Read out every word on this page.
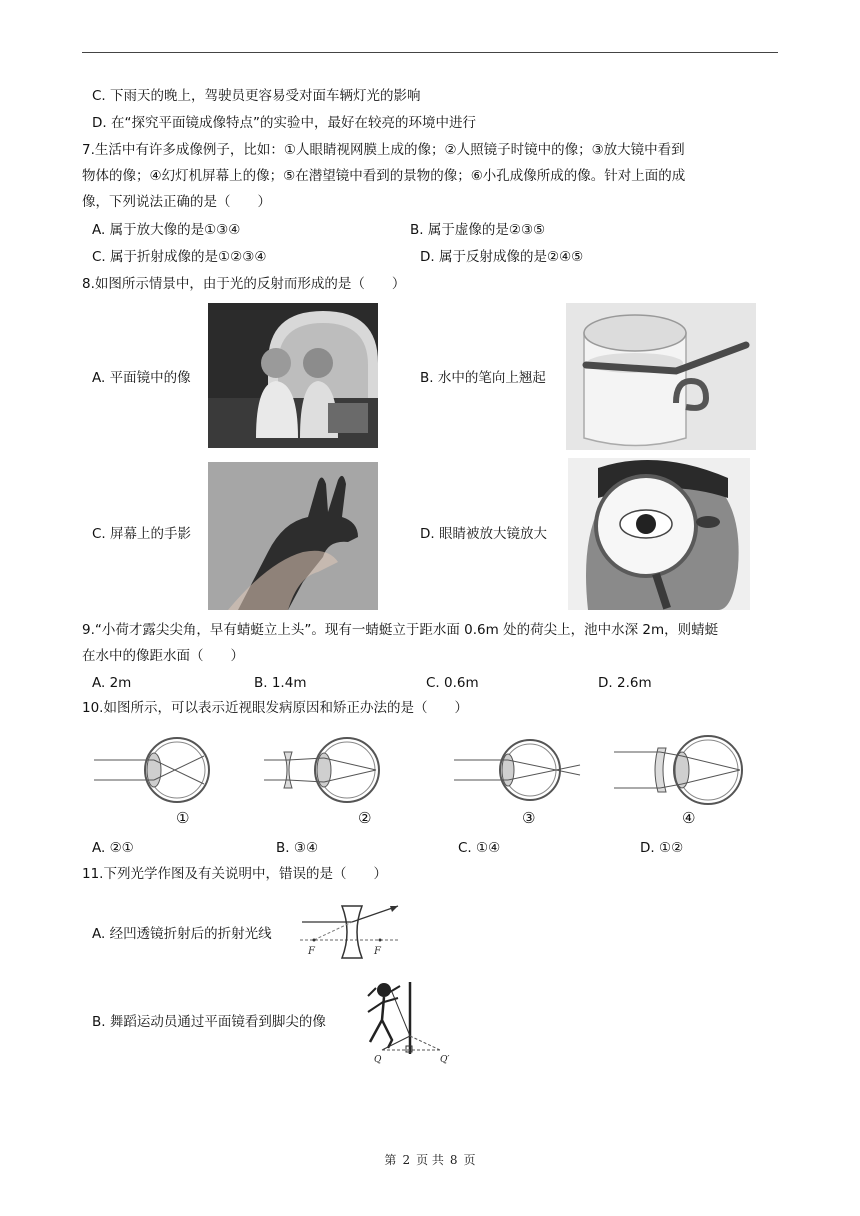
C. 下雨天的晚上，驾驶员更容易受对面车辆灯光的影响
D. 在“探究平面镜成像特点”的实验中，最好在较亮的环境中进行
7.生活中有许多成像例子，比如：①人眼睛视网膜上成的像；②人照镜子时镜中的像；③放大镜中看到
物体的像；④幻灯机屏幕上的像；⑤在潜望镜中看到的景物的像；⑥小孔成像所成的像。针对上面的成
像，下列说法正确的是（　　）
A. 属于放大像的是①③④	B. 属于虚像的是②③⑤
C. 属于折射成像的是①②③④	D. 属于反射成像的是②④⑤
8.如图所示情景中，由于光的反射而形成的是（　　）
A. 平面镜中的像	B. 水中的笔向上翘起
C. 屏幕上的手影	D. 眼睛被放大镜放大
9.“小荷才露尖尖角，早有蜻蜓立上头”。现有一蜻蜓立于距水面 0.6m 处的荷尖上，池中水深 2m，则蜻蜓
在水中的像距水面（　　）
A. 2m	B. 1.4m	C. 0.6m	D. 2.6m
10.如图所示，可以表示近视眼发病原因和矫正办法的是（　　）
①	②	③	④
A. ②①	B. ③④	C. ①④	D. ①②
11.下列光学作图及有关说明中，错误的是（　　）
A. 经凹透镜折射后的折射光线
F	F
B. 舞蹈运动员通过平面镜看到脚尖的像
Q	Q′
第 2 页 共 8 页
